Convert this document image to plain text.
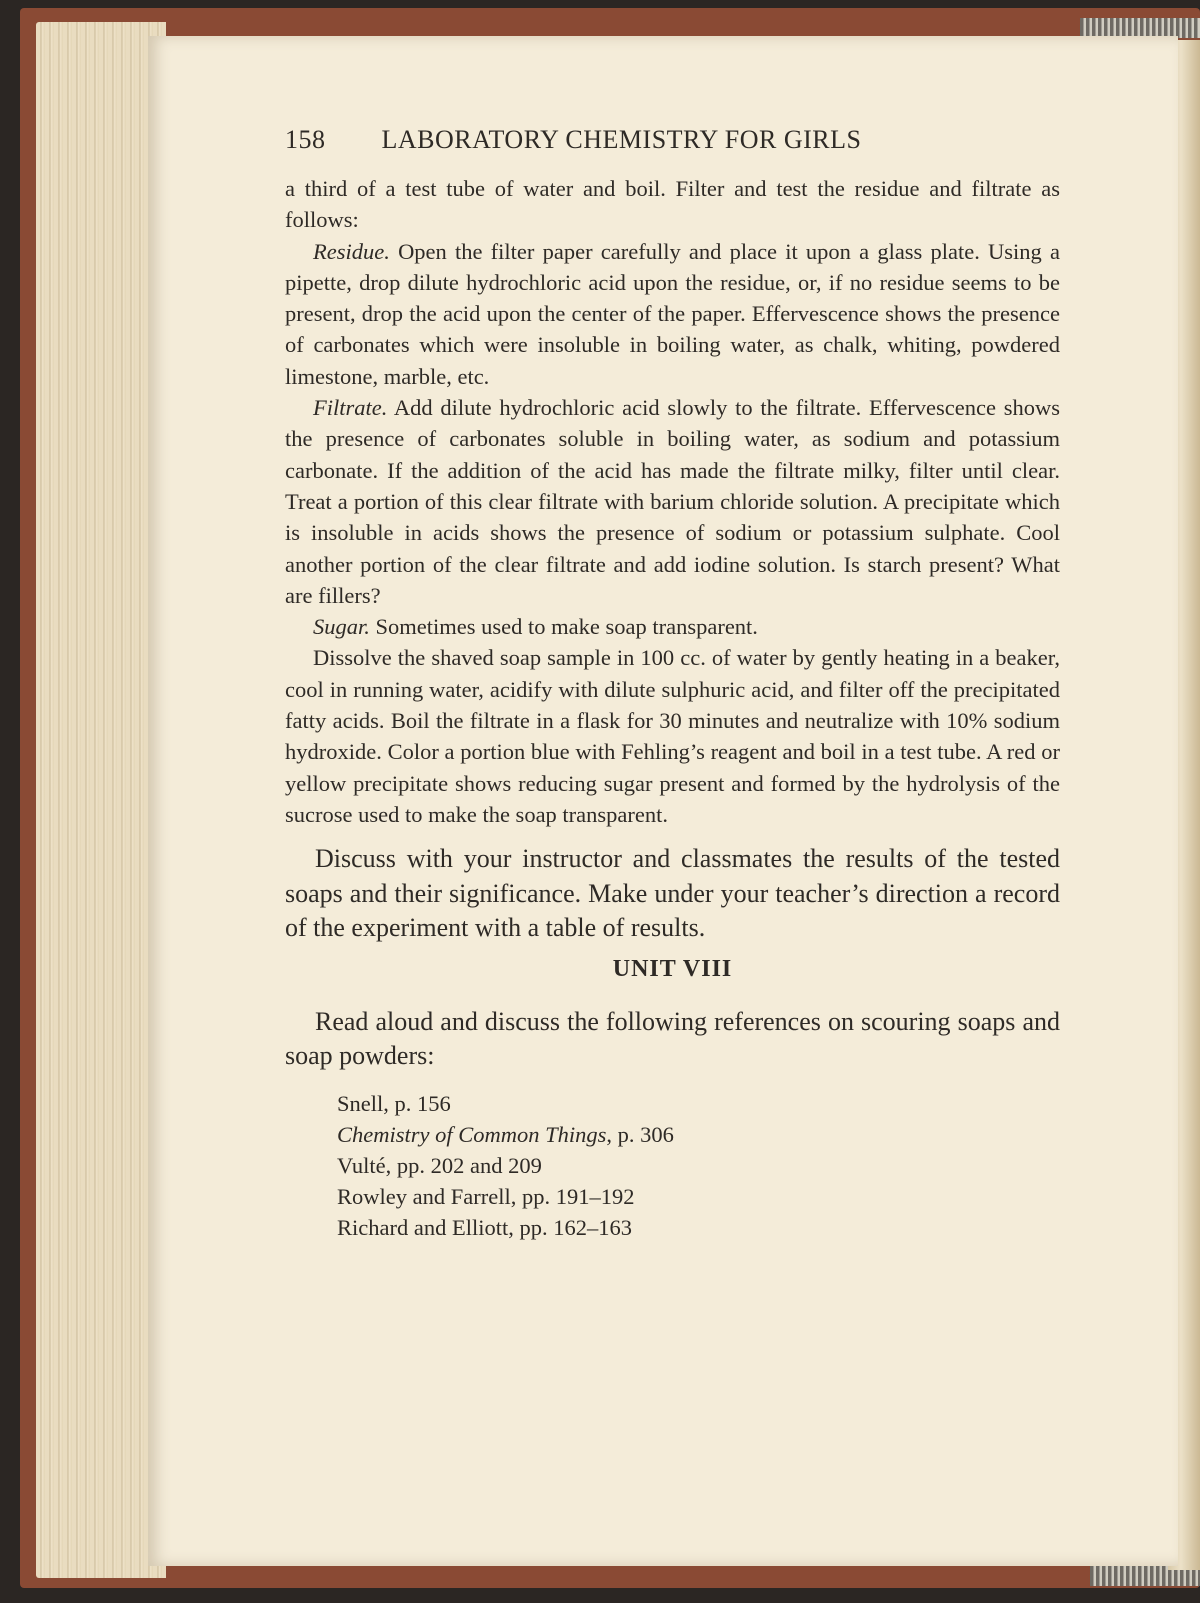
158 LABORATORY CHEMISTRY FOR GIRLS

a third of a test tube of water and boil. Filter and test the residue and filtrate as follows:

Residue. Open the filter paper carefully and place it upon a glass plate. Using a pipette, drop dilute hydrochloric acid upon the residue, or, if no residue seems to be present, drop the acid upon the center of the paper. Effervescence shows the presence of carbonates which were insoluble in boiling water, as chalk, whiting, powdered limestone, marble, etc.

Filtrate. Add dilute hydrochloric acid slowly to the filtrate. Effervescence shows the presence of carbonates soluble in boiling water, as sodium and potassium carbonate. If the addition of the acid has made the filtrate milky, filter until clear. Treat a portion of this clear filtrate with barium chloride solution. A precipitate which is insoluble in acids shows the presence of sodium or potassium sulphate. Cool another portion of the clear filtrate and add iodine solution. Is starch present? What are fillers?

Sugar. Sometimes used to make soap transparent.

Dissolve the shaved soap sample in 100 cc. of water by gently heating in a beaker, cool in running water, acidify with dilute sulphuric acid, and filter off the precipitated fatty acids. Boil the filtrate in a flask for 30 minutes and neutralize with 10% sodium hydroxide. Color a portion blue with Fehling’s reagent and boil in a test tube. A red or yellow precipitate shows reducing sugar present and formed by the hydrolysis of the sucrose used to make the soap transparent.

Discuss with your instructor and classmates the results of the tested soaps and their significance. Make under your teacher’s direction a record of the experiment with a table of results.

UNIT VIII

Read aloud and discuss the following references on scouring soaps and soap powders:

Snell, p. 156
Chemistry of Common Things, p. 306
Vulté, pp. 202 and 209
Rowley and Farrell, pp. 191–192
Richard and Elliott, pp. 162–163
